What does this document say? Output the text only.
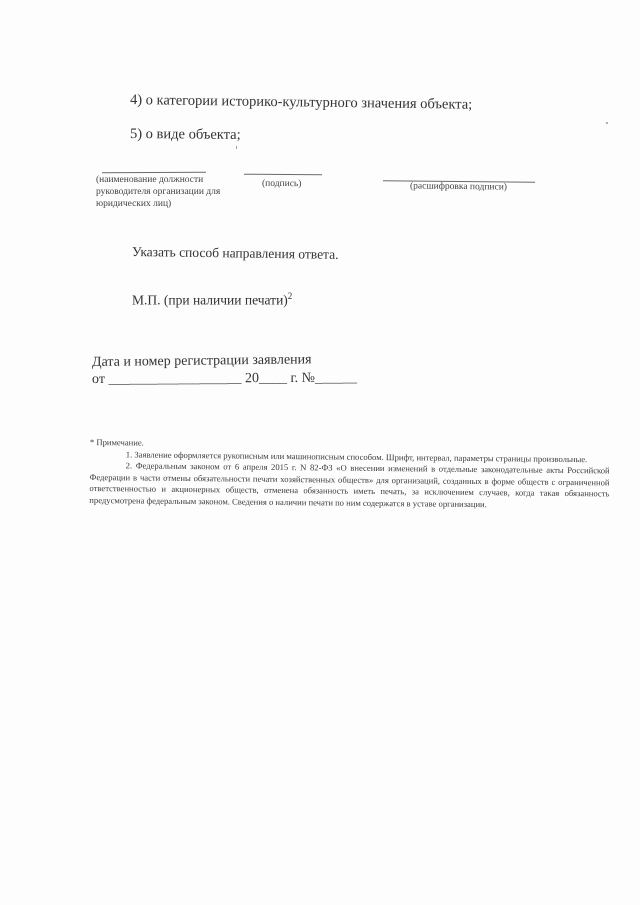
4) о категории историко-культурного значения объекта;
5) о виде объекта;
(наименование должности руководителя организации для юридических лиц)
(подпись)	(расшифровка подписи)
Указать способ направления ответа.
М.П. (при наличии печати)$^2$
Дата и номер регистрации заявления
от ___________________ 20____ г. №______

* Примечание.

1. Заявление оформляется рукописным или машинописным способом. Шрифт, интервал, параметры страницы произвольные.

2. Федеральным законом от 6 апреля 2015 г. N 82-ФЗ «О внесении изменений в отдельные законодательные акты Российской Федерации в части отмены обязательности печати хозяйственных обществ» для организаций, созданных в форме обществ с ограниченной ответственностью и акционерных обществ, отменена обязанность иметь печать, за исключением случаев, когда такая обязанность предусмотрена федеральным законом. Сведения о наличии печати по ним содержатся в уставе организации.
